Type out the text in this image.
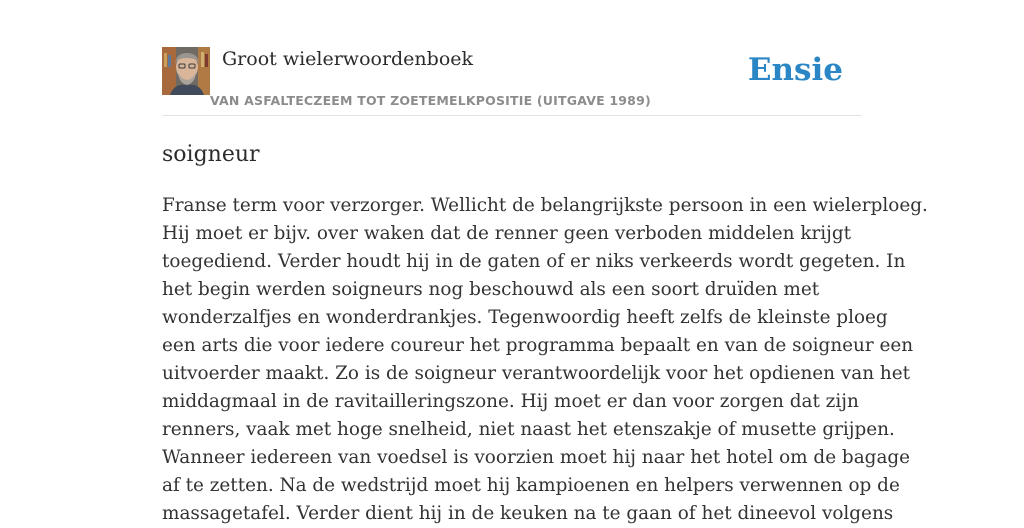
Groot wielerwoordenboek
VAN ASFALTECZEEM TOT ZOETEMELKPOSITIE (UITGAVE 1989)
Ensie
soigneur

Franse term voor verzorger. Wellicht de belangrijkste persoon in een wielerploeg.
Hij moet er bijv. over waken dat de renner geen verboden middelen krijgt
toegediend. Verder houdt hij in de gaten of er niks verkeerds wordt gegeten. In
het begin werden soigneurs nog beschouwd als een soort druïden met
wonderzalfjes en wonderdrankjes. Tegenwoordig heeft zelfs de kleinste ploeg
een arts die voor iedere coureur het programma bepaalt en van de soigneur een
uitvoerder maakt. Zo is de soigneur verantwoordelijk voor het opdienen van het
middagmaal in de ravitailleringszone. Hij moet er dan voor zorgen dat zijn
renners, vaak met hoge snelheid, niet naast het etenszakje of musette grijpen.
Wanneer iedereen van voedsel is voorzien moet hij naar het hotel om de bagage
af te zetten. Na de wedstrijd moet hij kampioenen en helpers verwennen op de
massagetafel. Verder dient hij in de keuken na te gaan of het dineevol volgens
